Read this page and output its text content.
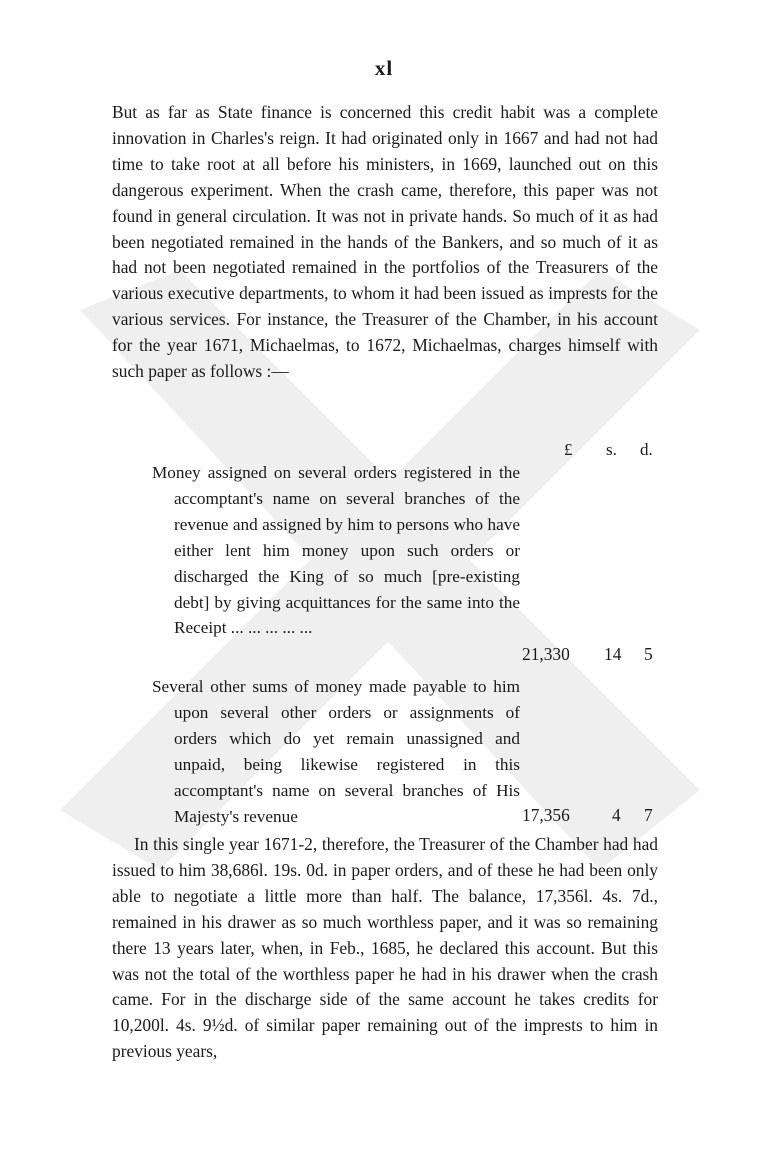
xl

But as far as State finance is concerned this credit habit was a complete innovation in Charles's reign. It had originated only in 1667 and had not had time to take root at all before his ministers, in 1669, launched out on this dangerous experiment. When the crash came, therefore, this paper was not found in general circulation. It was not in private hands. So much of it as had been negotiated remained in the hands of the Bankers, and so much of it as had not been negotiated remained in the portfolios of the Treasurers of the various executive departments, to whom it had been issued as imprests for the various services. For instance, the Treasurer of the Chamber, in his account for the year 1671, Michaelmas, to 1672, Michaelmas, charges himself with such paper as follows :—

£ s. d.
Money assigned on several orders registered in the accomptant's name on several branches of the revenue and assigned by him to persons who have either lent him money upon such orders or discharged the King of so much [pre-existing debt] by giving acquittances for the same into the Receipt ... ... ... ... ...
21,330 14 5
Several other sums of money made payable to him upon several other orders or assignments of orders which do yet remain unassigned and unpaid, being likewise registered in this accomptant's name on several branches of His Majesty's revenue	17,356 4 7

In this single year 1671-2, therefore, the Treasurer of the Chamber had had issued to him 38,686l. 19s. 0d. in paper orders, and of these he had been only able to negotiate a little more than half. The balance, 17,356l. 4s. 7d., remained in his drawer as so much worthless paper, and it was so remaining there 13 years later, when, in Feb., 1685, he declared this account. But this was not the total of the worthless paper he had in his drawer when the crash came. For in the discharge side of the same account he takes credits for 10,200l. 4s. 9½d. of similar paper remaining out of the imprests to him in previous years,
